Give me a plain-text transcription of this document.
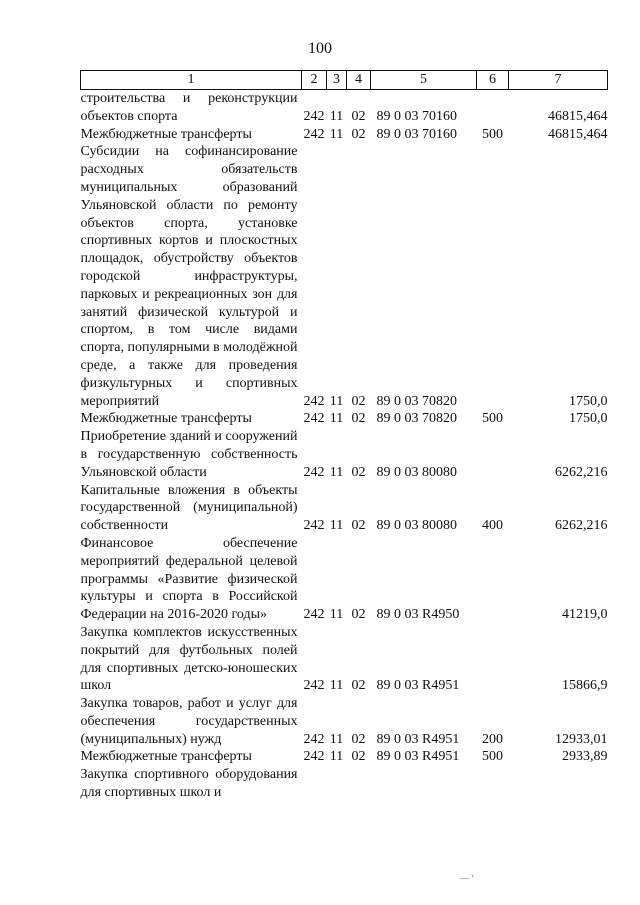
100
1	2	3	4	5	6	7
строительства и реконструкции объектов спорта	242	11	02	89 0 03 70160		46815,464
Межбюджетные трансферты	242	11	02	89 0 03 70160	500	46815,464
Субсидии на софинансирование расходных обязательств муниципальных образований Ульяновской области по ремонту объектов спорта, установке спортивных кортов и плоскостных площадок, обустройству объектов городской инфраструктуры, парковых и рекреационных зон для занятий физической культурой и спортом, в том числе видами спорта, популярными в молодёжной среде, а также для проведения физкультурных и спортивных мероприятий	242	11	02	89 0 03 70820		1750,0
Межбюджетные трансферты	242	11	02	89 0 03 70820	500	1750,0
Приобретение зданий и сооружений в государственную собственность Ульяновской области	242	11	02	89 0 03 80080		6262,216
Капитальные вложения в объекты государственной (муниципальной) собственности	242	11	02	89 0 03 80080	400	6262,216
Финансовое обеспечение мероприятий федеральной целевой программы «Развитие физической культуры и спорта в Российской Федерации на 2016-2020 годы»	242	11	02	89 0 03 R4950		41219,0
Закупка комплектов искусственных покрытий для футбольных полей для спортивных детско-юношеских школ	242	11	02	89 0 03 R4951		15866,9
Закупка товаров, работ и услуг для обеспечения государственных (муниципальных) нужд	242	11	02	89 0 03 R4951	200	12933,01
Межбюджетные трансферты	242	11	02	89 0 03 R4951	500	2933,89
Закупка спортивного оборудования для спортивных школ и						
— ‘
